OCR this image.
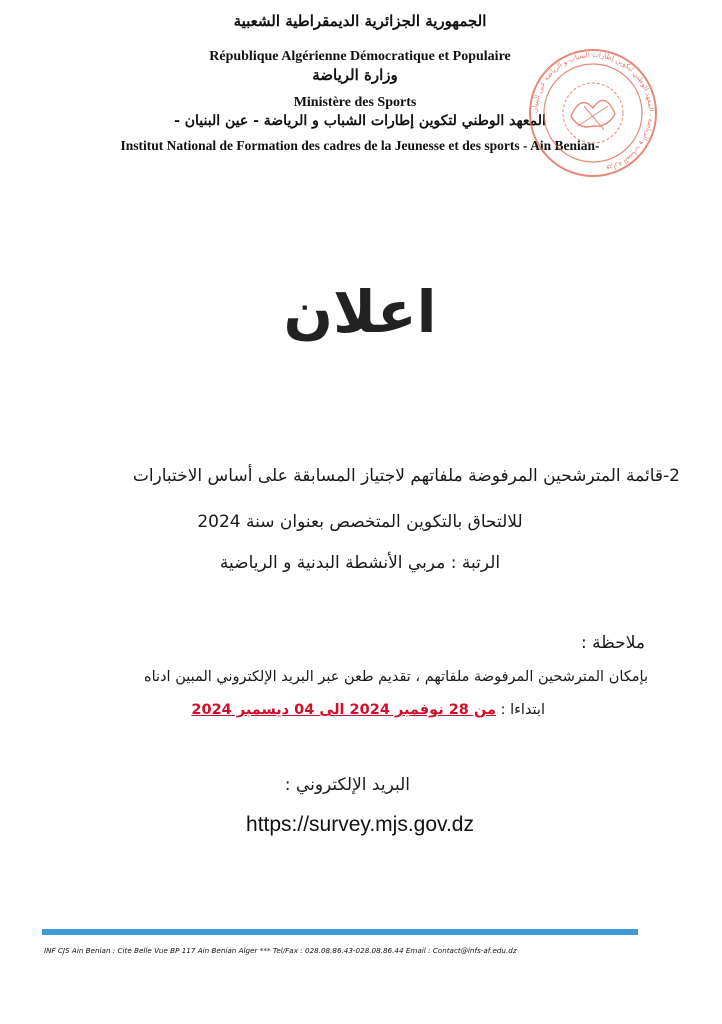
الجمهورية الجزائرية الديمقراطية الشعبية
République Algérienne Démocratique et Populaire
وزارة الرياضة
Ministère des Sports
المعهد الوطني لتكوين إطارات الشباب و الرياضة - عين البنيان -
Institut National de Formation des cadres de la Jeunesse et des sports - Ain Benian-
وزارة الشباب و الرياضة - المعهد الوطني لتكوين إطارات الشباب و الرياضة عين البنيان
اعلان
2-قائمة المترشحين المرفوضة ملفاتهم لاجتياز المسابقة على أساس الاختبارات
للالتحاق بالتكوين المتخصص بعنوان سنة 2024
الرتبة : مربي الأنشطة البدنية و الرياضية
ملاحظة :
بإمكان المترشحين المرفوضة ملفاتهم ، تقديم طعن عبر البريد الإلكتروني المبين ادناه
ابتداءا : من 28 نوفمبر 2024 الى 04 ديسمبر 2024
البريد الإلكتروني :
https://survey.mjs.gov.dz
INF CJS Ain Benian : Cite Belle Vue BP 117 Ain Benian Alger *** Tel/Fax : 028.08.86.43-028.08.86.44 Email : Contact@infs-af.edu.dz
